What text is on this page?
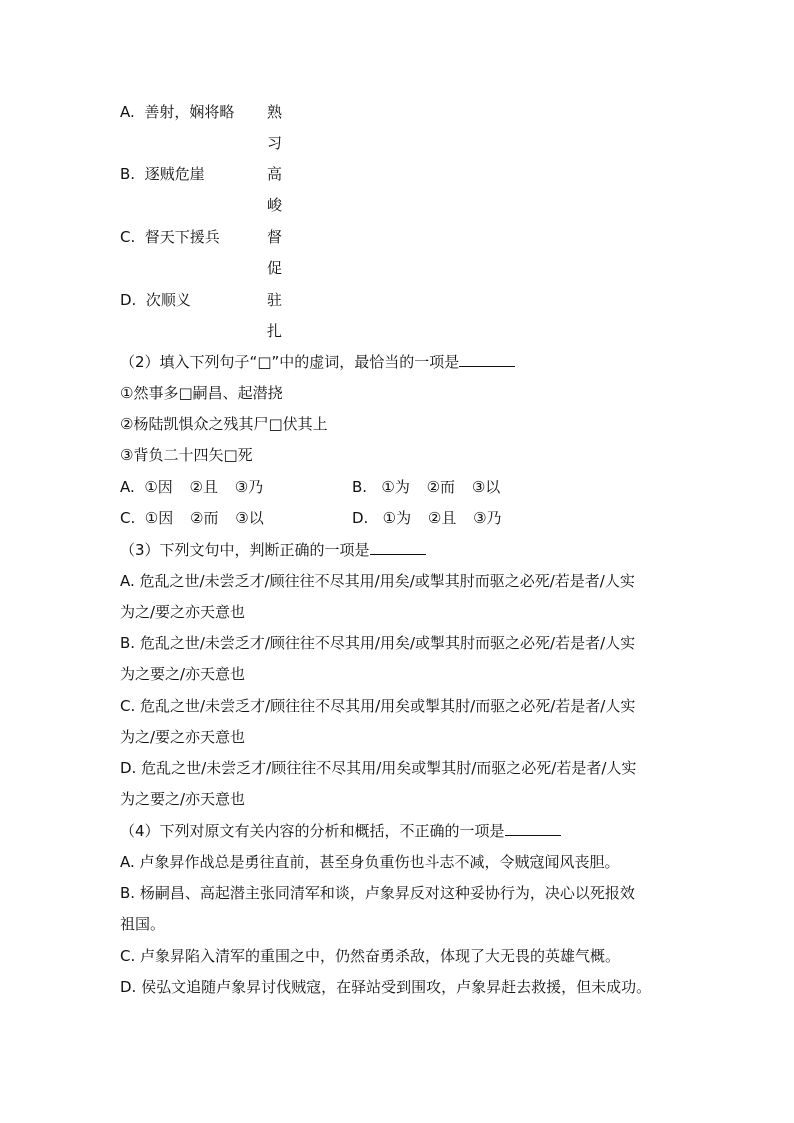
A. 善射，娴将略 熟
习
B. 逐贼危崖	高
峻
C. 督天下援兵	督
促
D. 次顺义	驻
扎
（2）填入下列句子“□”中的虚词，最恰当的一项是
①然事多□嗣昌、起潜挠
②杨陆凯惧众之残其尸□伏其上
③背负二十四矢□死
A. ①因 ②且 ③乃	B. ①为 ②而 ③以
C. ①因 ②而 ③以	D. ①为 ②且 ③乃
（3）下列文句中，判断正确的一项是
A. 危乱之世/未尝乏才/顾往往不尽其用/用矣/或掣其肘而驱之必死/若是者/人实
为之/要之亦天意也
B. 危乱之世/未尝乏才/顾往往不尽其用/用矣/或掣其肘而驱之必死/若是者/人实
为之要之/亦天意也
C. 危乱之世/未尝乏才/顾往往不尽其用/用矣或掣其肘/而驱之必死/若是者/人实
为之/要之亦天意也
D. 危乱之世/未尝乏才/顾往往不尽其用/用矣或掣其肘/而驱之必死/若是者/人实
为之要之/亦天意也
（4）下列对原文有关内容的分析和概括，不正确的一项是
A. 卢象昇作战总是勇往直前，甚至身负重伤也斗志不减，令贼寇闻风丧胆。
B. 杨嗣昌、高起潜主张同清军和谈，卢象昇反对这种妥协行为，决心以死报效
祖国。
C. 卢象昇陷入清军的重围之中，仍然奋勇杀敌，体现了大无畏的英雄气概。
D. 侯弘文追随卢象昇讨伐贼寇，在驿站受到围攻，卢象昇赶去救援，但未成功。
